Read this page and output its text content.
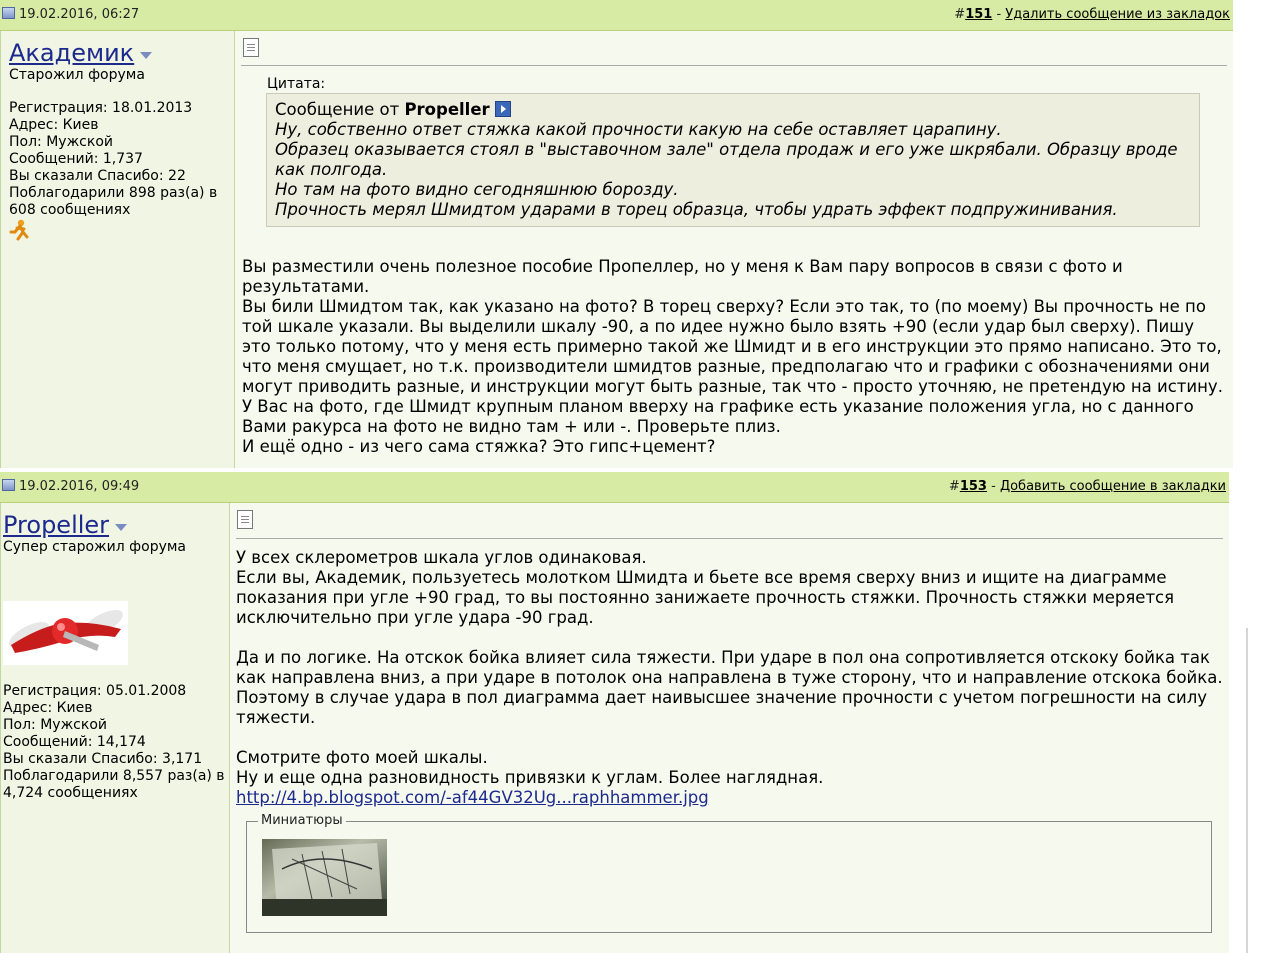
19.02.2016, 06:27	#151 - Удалить сообщение из закладок
Академик
Старожил форума
Регистрация: 18.01.2013
Адрес: Киев
Пол: Мужской
Сообщений: 1,737
Вы сказали Спасибо: 22
Поблагодарили 898 раз(а) в
608 сообщениях
Цитата:
Сообщение от Propeller
Ну, собственно ответ стяжка какой прочности какую на себе оставляет царапину.
Образец оказывается стоял в "выставочном зале" отдела продаж и его уже шкрябали. Образцу вроде
как полгода.
Но там на фото видно сегодняшнюю борозду.
Прочность мерял Шмидтом ударами в торец образца, чтобы удрать эффект подпружинивания.
Вы разместили очень полезное пособие Пропеллер, но у меня к Вам пару вопросов в связи с фото и
результатами.
Вы били Шмидтом так, как указано на фото? В торец сверху? Если это так, то (по моему) Вы прочность не по
той шкале указали. Вы выделили шкалу -90, а по идее нужно было взять +90 (если удар был сверху). Пишу
это только потому, что у меня есть примерно такой же Шмидт и в его инструкции это прямо написано. Это то,
что меня смущает, но т.к. производители шмидтов разные, предполагаю что и графики с обозначениями они
могут приводить разные, и инструкции могут быть разные, так что - просто уточняю, не претендую на истину.
У Вас на фото, где Шмидт крупным планом вверху на графике есть указание положения угла, но с данного
Вами ракурса на фото не видно там + или -. Проверьте плиз.
И ещё одно - из чего сама стяжка? Это гипс+цемент?
19.02.2016, 09:49	#153 - Добавить сообщение в закладки
Propeller
Супер старожил форума
Регистрация: 05.01.2008
Адрес: Киев
Пол: Мужской
Сообщений: 14,174
Вы сказали Спасибо: 3,171
Поблагодарили 8,557 раз(а) в
4,724 сообщениях
У всех склерометров шкала углов одинаковая.
Если вы, Академик, пользуетесь молотком Шмидта и бьете все время сверху вниз и ищите на диаграмме
показания при угле +90 град, то вы постоянно занижаете прочность стяжки. Прочность стяжки меряется
исключительно при угле удара -90 град.
Да и по логике. На отскок бойка влияет сила тяжести. При ударе в пол она сопротивляется отскоку бойка так
как направлена вниз, а при ударе в потолок она направлена в туже сторону, что и направление отскока бойка.
Поэтому в случае удара в пол диаграмма дает наивысшее значение прочности с учетом погрешности на силу
тяжести.
Смотрите фото моей шкалы.
Ну и еще одна разновидность привязки к углам. Более наглядная.
http://4.bp.blogspot.com/-af44GV32Ug...raphhammer.jpg
Миниатюры
